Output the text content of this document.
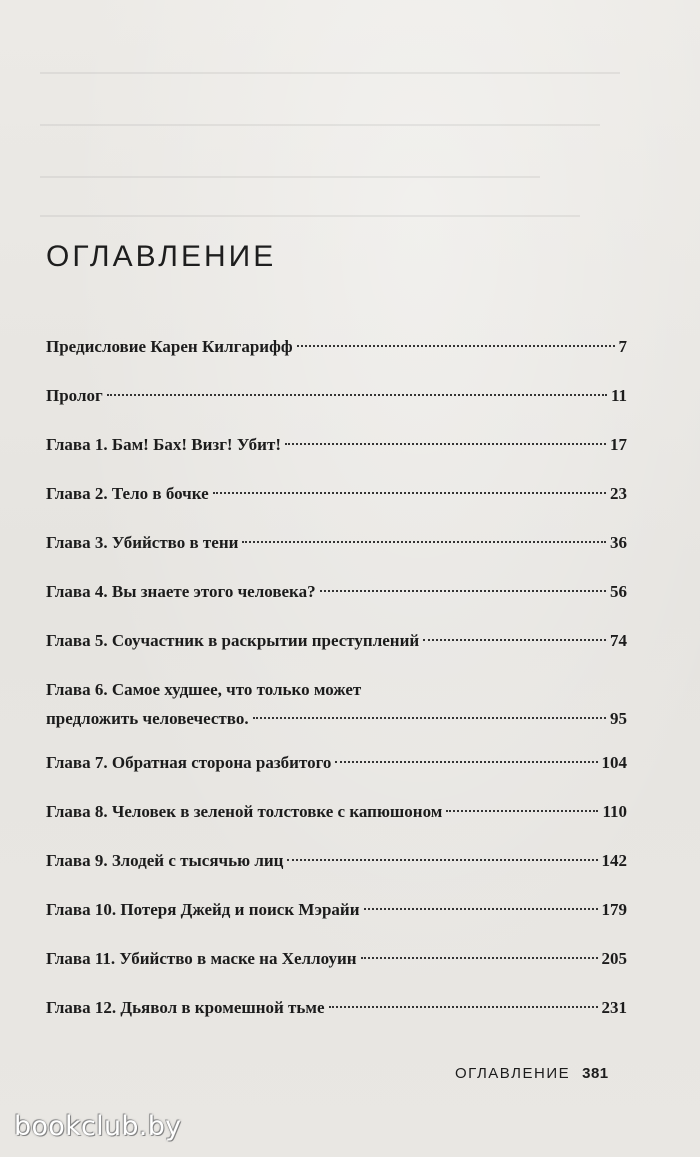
ОГЛАВЛЕНИЕ
Предисловие Карен Килгарифф	7
Пролог	11
Глава 1. Бам! Бах! Визг! Убит!	17
Глава 2. Тело в бочке	23
Глава 3. Убийство в тени	36
Глава 4. Вы знаете этого человека?	56
Глава 5. Соучастник в раскрытии преступлений	74
Глава 6. Самое худшее, что только может
предложить человечество.	95
Глава 7. Обратная сторона разбитого	104
Глава 8. Человек в зеленой толстовке с капюшоном	110
Глава 9. Злодей с тысячью лиц	142
Глава 10. Потеря Джейд и поиск Мэрайи	179
Глава 11. Убийство в маске на Хеллоуин	205
Глава 12. Дьявол в кромешной тьме	231
ОГЛАВЛЕНИЕ 381
bookclub.by
